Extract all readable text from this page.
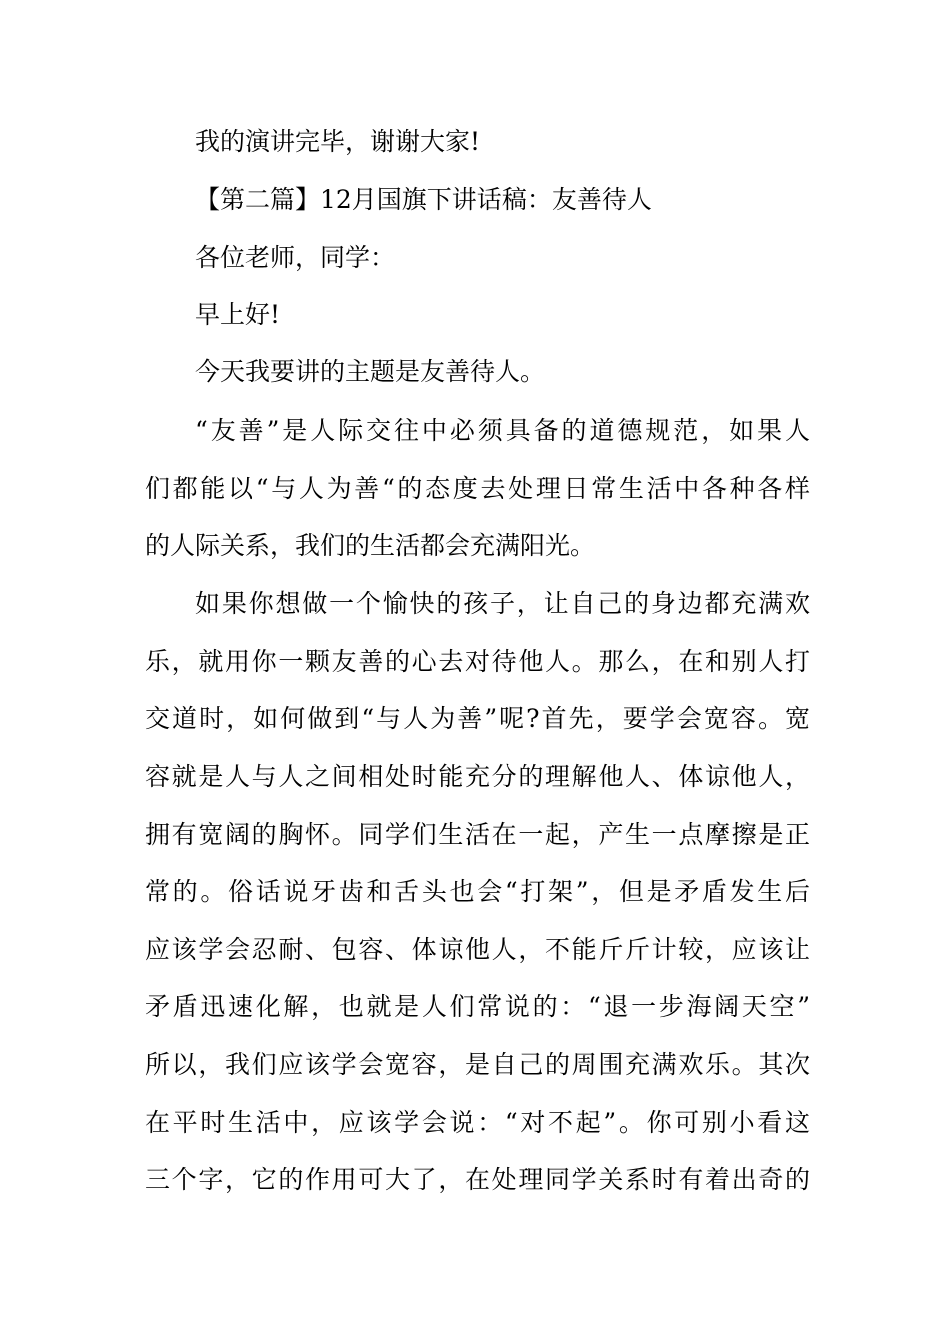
我的演讲完毕，谢谢大家!
【第二篇】12月国旗下讲话稿：友善待人
各位老师，同学：
早上好!
今天我要讲的主题是友善待人。
“友善”是人际交往中必须具备的道德规范，如果人
们都能以“与人为善“的态度去处理日常生活中各种各样
的人际关系，我们的生活都会充满阳光。
如果你想做一个愉快的孩子，让自己的身边都充满欢
乐，就用你一颗友善的心去对待他人。那么，在和别人打
交道时，如何做到“与人为善”呢?首先，要学会宽容。宽
容就是人与人之间相处时能充分的理解他人、体谅他人，
拥有宽阔的胸怀。同学们生活在一起，产生一点摩擦是正
常的。俗话说牙齿和舌头也会“打架”，但是矛盾发生后
应该学会忍耐、包容、体谅他人，不能斤斤计较，应该让
矛盾迅速化解，也就是人们常说的：“退一步海阔天空”
所以，我们应该学会宽容，是自己的周围充满欢乐。其次
在平时生活中，应该学会说：“对不起”。你可别小看这
三个字，它的作用可大了，在处理同学关系时有着出奇的
